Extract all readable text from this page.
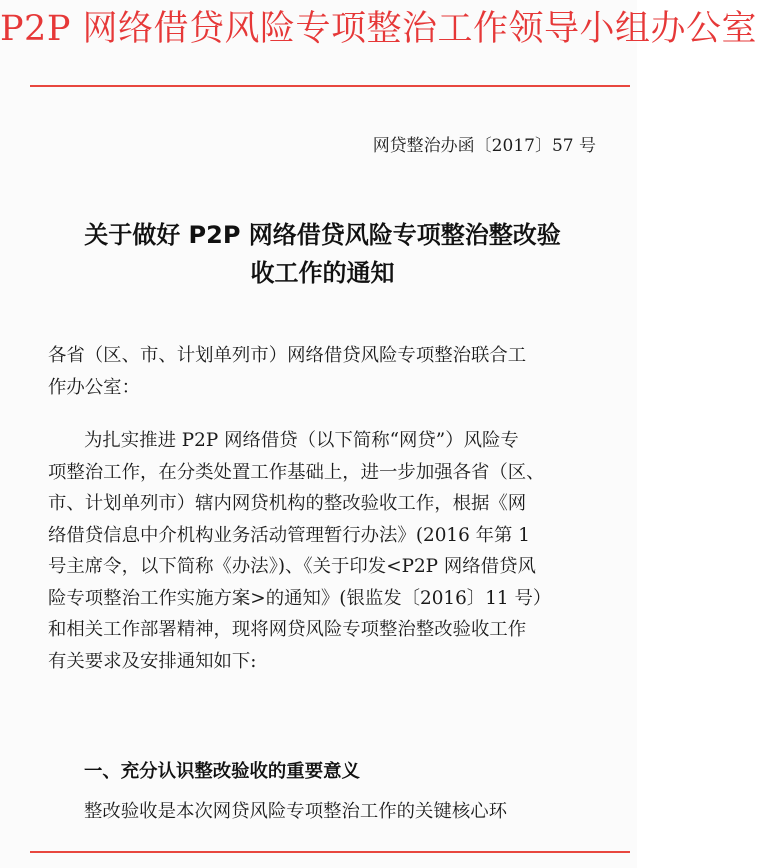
P2P 网络借贷风险专项整治工作领导小组办公室
网贷整治办函〔2017〕57 号
关于做好 P2P 网络借贷风险专项整治整改验
收工作的通知
各省（区、市、计划单列市）网络借贷风险专项整治联合工
作办公室：
为扎实推进 P2P 网络借贷（以下简称“网贷”）风险专
项整治工作，在分类处置工作基础上，进一步加强各省（区、
市、计划单列市）辖内网贷机构的整改验收工作，根据《网
络借贷信息中介机构业务活动管理暂行办法》(2016 年第 1
号主席令，以下简称《办法》)、《关于印发<P2P 网络借贷风
险专项整治工作实施方案>的通知》(银监发〔2016〕11 号）
和相关工作部署精神，现将网贷风险专项整治整改验收工作
有关要求及安排通知如下:
一、充分认识整改验收的重要意义
整改验收是本次网贷风险专项整治工作的关键核心环
